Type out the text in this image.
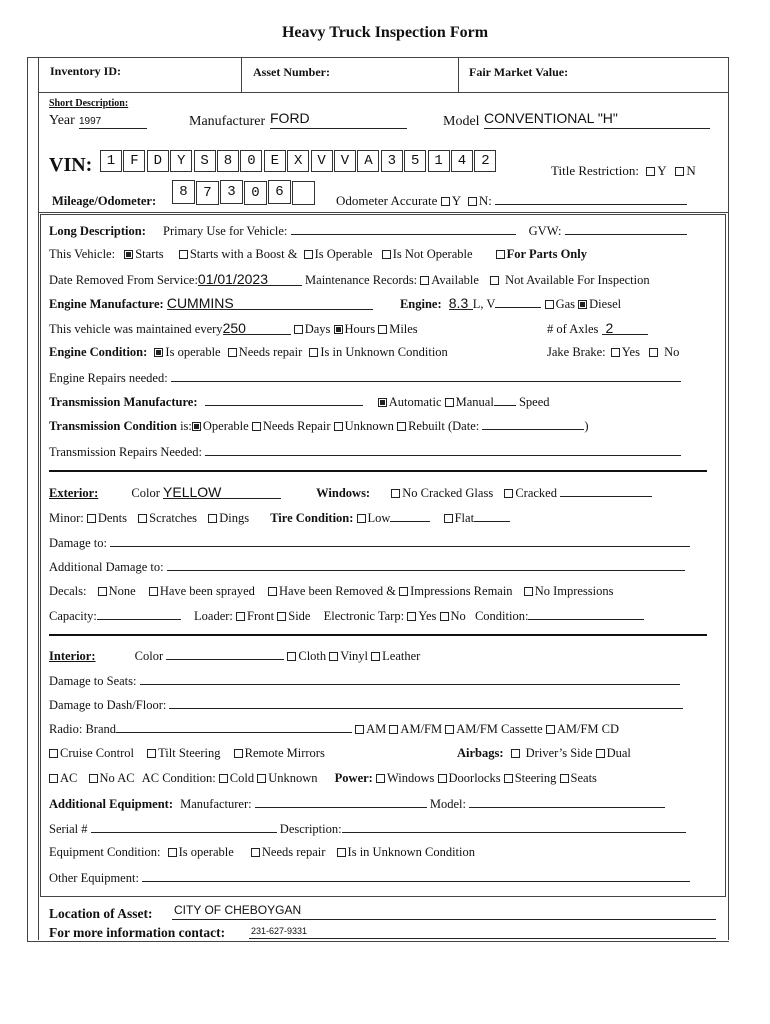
Heavy Truck Inspection Form
Inventory ID:	Asset Number:	Fair Market Value:
Short Description:
Year 1997	Manufacturer FORD	Model CONVENTIONAL "H"
VIN:	1	F	D	Y	S	8	0	E	X	V	V	A	3	5	1	4	2
Title Restriction: Y N
Mileage/Odometer:
8	7	3	0	6
Odometer Accurate Y N:
Long Description: Primary Use for Vehicle:	GVW:
This Vehicle: Starts Starts with a Boost & Is Operable Is Not Operable	For Parts Only
Date Removed From Service:01/01/2023	Maintenance Records: Available Not Available For Inspection
Engine Manufacture: CUMMINS	Engine: 8.3 L, V	Gas Diesel
This vehicle was maintained every250	Days Hours Miles	# of Axles 2
Engine Condition: Is operable Needs repair Is in Unknown Condition	Jake Brake: Yes No
Engine Repairs needed:
Transmission Manufacture:	Automatic Manual Speed
Transmission Condition is: Operable Needs Repair Unknown Rebuilt (Date:	)
Transmission Repairs Needed:
Exterior:	Color YELLOW	Windows:	No Cracked Glass Cracked
Minor: Dents Scratches Dings Tire Condition: Low	Flat
Damage to:
Additional Damage to:
Decals: None Have been sprayed Have been Removed & Impressions Remain No Impressions
Capacity:	Loader: Front Side Electronic Tarp: Yes No Condition:
Interior:	Color	Cloth Vinyl Leather
Damage to Seats:
Damage to Dash/Floor:
Radio: Brand	AM AM/FM AM/FM Cassette AM/FM CD
Cruise Control Tilt Steering Remote Mirrors	Airbags: Driver’s Side Dual
AC No AC AC Condition: Cold Unknown Power: Windows Doorlocks Steering Seats
Additional Equipment: Manufacturer:	Model:
Serial #	Description:
Equipment Condition: Is operable Needs repair Is in Unknown Condition
Other Equipment:
Location of Asset: CITY OF CHEBOYGAN
For more information contact:	231-627-9331
